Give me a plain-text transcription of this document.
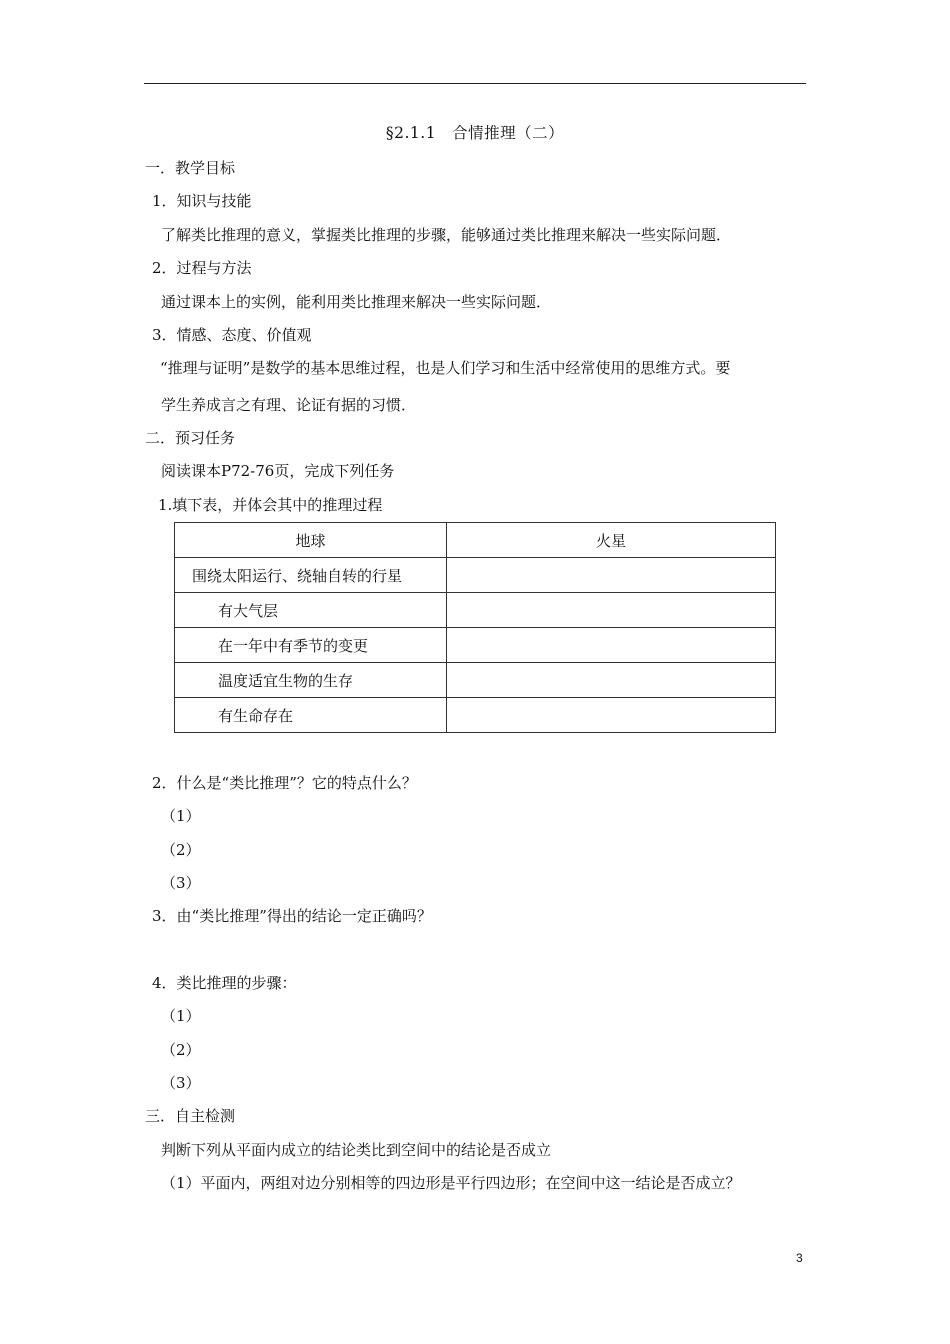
§2.1.1　合情推理（二）
一．教学目标
1．知识与技能
了解类比推理的意义，掌握类比推理的步骤，能够通过类比推理来解决一些实际问题．
2．过程与方法
通过课本上的实例，能利用类比推理来解决一些实际问题．
3．情感、态度、价值观
“推理与证明”是数学的基本思维过程，也是人们学习和生活中经常使用的思维方式。要
学生养成言之有理、论证有据的习惯．
二．预习任务
阅读课本P72-76页，完成下列任务
1.填下表，并体会其中的推理过程
地球	火星
围绕太阳运行、绕轴自转的行星	
有大气层	
在一年中有季节的变更	
温度适宜生物的生存	
有生命存在	
2．什么是“类比推理”？它的特点什么？
（1）
（2）
（3）
3．由“类比推理”得出的结论一定正确吗？
4．类比推理的步骤：
（1）
（2）
（3）
三．自主检测
判断下列从平面内成立的结论类比到空间中的结论是否成立
（1）平面内，两组对边分别相等的四边形是平行四边形；在空间中这一结论是否成立？
3
